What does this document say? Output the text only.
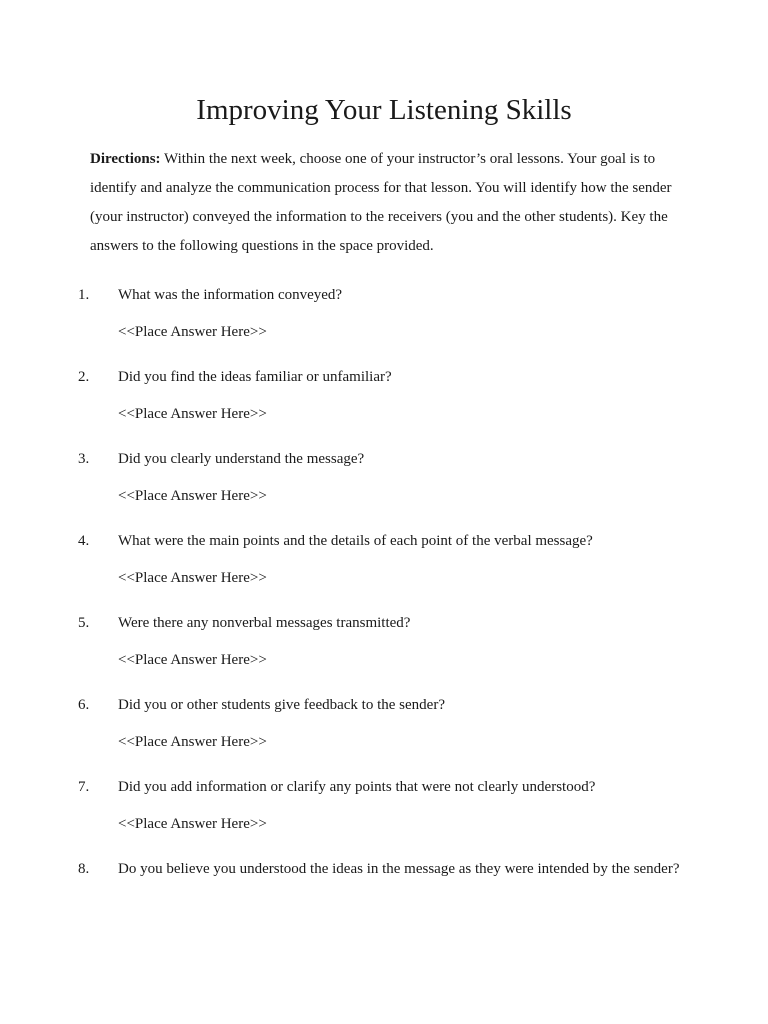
Improving Your Listening Skills

Directions: Within the next week, choose one of your instructor’s oral lessons. Your goal is to identify and analyze the communication process for that lesson. You will identify how the sender (your instructor) conveyed the information to the receivers (you and the other students). Key the answers to the following questions in the space provided.

1. What was the information conveyed?
<<Place Answer Here>>
2. Did you find the ideas familiar or unfamiliar?
<<Place Answer Here>>
3. Did you clearly understand the message?
<<Place Answer Here>>
4. What were the main points and the details of each point of the verbal message?
<<Place Answer Here>>
5. Were there any nonverbal messages transmitted?
<<Place Answer Here>>
6. Did you or other students give feedback to the sender?
<<Place Answer Here>>
7. Did you add information or clarify any points that were not clearly understood?
<<Place Answer Here>>
8. Do you believe you understood the ideas in the message as they were intended by the sender?
